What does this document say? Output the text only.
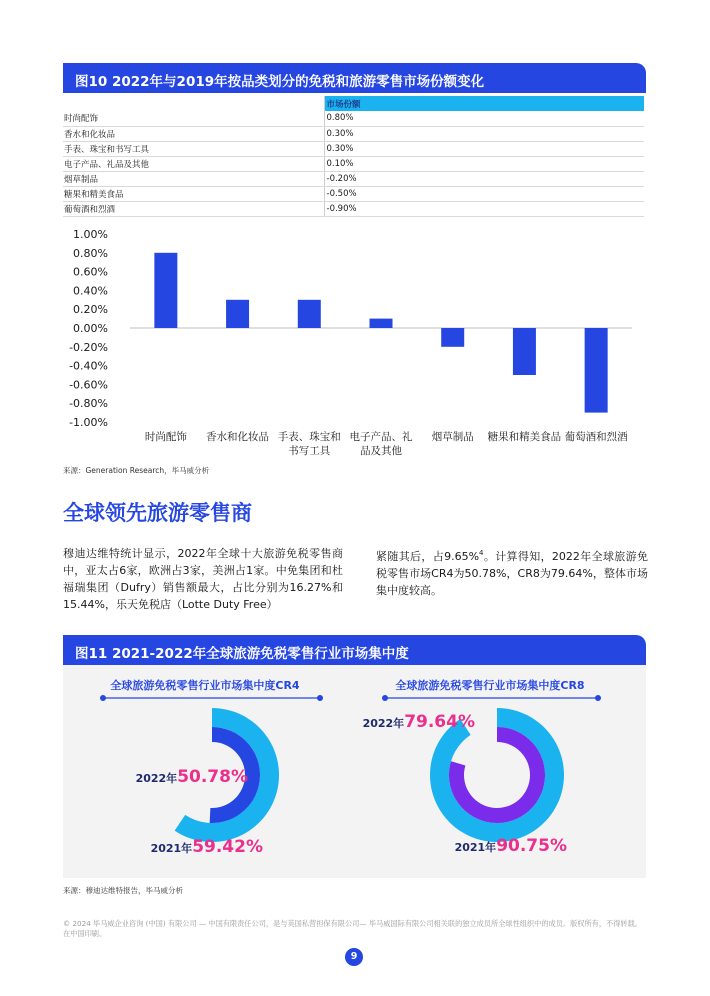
图10 2022年与2019年按品类划分的免税和旅游零售市场份额变化
	市场份额
时尚配饰	0.80%
香水和化妆品	0.30%
手表、珠宝和书写工具	0.30%
电子产品、礼品及其他	0.10%
烟草制品	-0.20%
糖果和精美食品	-0.50%
葡萄酒和烈酒	-0.90%
1.00%
0.80%
0.60%
0.40%
0.20%
0.00%
-0.20%
-0.40%
-0.60%
-0.80%
-1.00%
时尚配饰 香水和化妆品 手表、珠宝和
书写工具
电子产品、礼
品及其他
烟草制品 糖果和精美食品 葡萄酒和烈酒
来源：Generation Research，毕马威分析
全球领先旅游零售商
穆迪达维特统计显示，2022年全球十大旅游免税零售商中，亚太占6家，欧洲占3家，美洲占1家。中免集团和杜福瑞集团（Dufry）销售额最大，占比分别为16.27%和15.44%，乐天免税店（Lotte Duty Free）
紧随其后，占9.65%$^4$。计算得知，2022年全球旅游免税零售市场CR4为50.78%，CR8为79.64%，整体市场集中度较高。
图11 2021-2022年全球旅游免税零售行业市场集中度
全球旅游免税零售行业市场集中度CR4
2021年59.42%
2022年50.78%
全球旅游免税零售行业市场集中度CR8
2021年90.75%
2022年79.64%
来源：穆迪达维特报告，毕马威分析
© 2024 毕马威企业咨询 (中国) 有限公司 — 中国有限责任公司，是与英国私营担保有限公司— 毕马威国际有限公司相关联的独立成员所全球性组织中的成员。版权所有，不得转载。在中国印刷。
9
